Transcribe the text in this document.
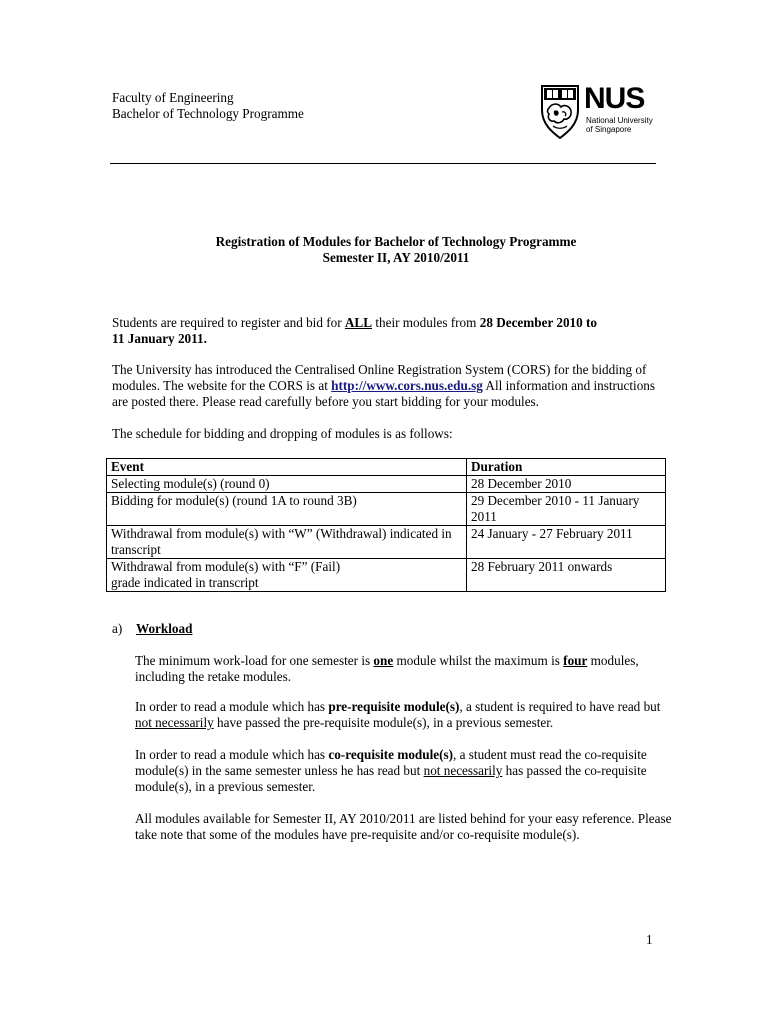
Faculty of Engineering

Bachelor of Technology Programme	NUS
National University
of Singapore

Registration of Modules for Bachelor of Technology Programme

Semester II, AY 2010/2011

Students are required to register and bid for ALL their modules from 28 December 2010 to
11 January 2011.
The University has introduced the Centralised Online Registration System (CORS) for the bidding of modules. The website for the CORS is at http://www.cors.nus.edu.sg All information and instructions are posted there. Please read carefully before you start bidding for your modules.
The schedule for bidding and dropping of modules is as follows:
Event	Duration
Selecting module(s) (round 0)	28 December 2010
Bidding for module(s) (round 1A to round 3B)	29 December 2010 - 11 January 2011
Withdrawal from module(s) with “W” (Withdrawal) indicated in transcript	24 January - 27 February 2011
Withdrawal from module(s) with “F” (Fail)
grade indicated in transcript	28 February 2011 onwards
a) Workload
The minimum work-load for one semester is one module whilst the maximum is four modules, including the retake modules.
In order to read a module which has pre-requisite module(s), a student is required to have read but not necessarily have passed the pre-requisite module(s), in a previous semester.
In order to read a module which has co-requisite module(s), a student must read the co-requisite module(s) in the same semester unless he has read but not necessarily has passed the co-requisite module(s), in a previous semester.
All modules available for Semester II, AY 2010/2011 are listed behind for your easy reference. Please take note that some of the modules have pre-requisite and/or co-requisite module(s).
1
